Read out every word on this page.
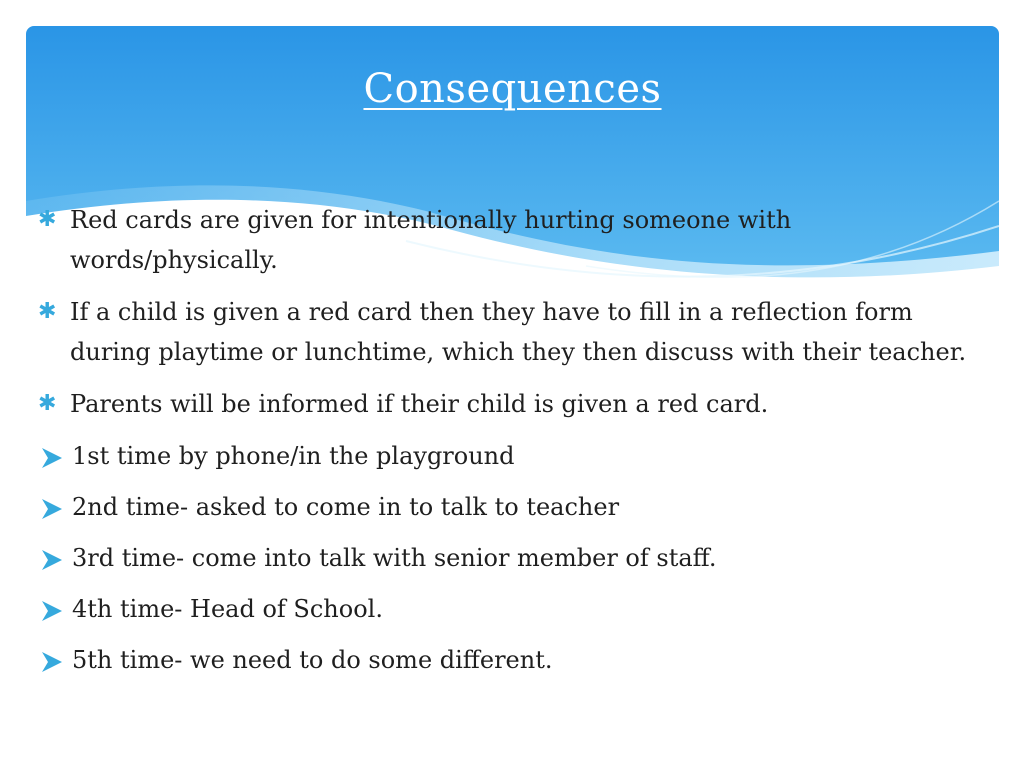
Consequences
✱ Red cards are given for intentionally hurting someone with words/physically.
✱ If a child is given a red card then they have to fill in a reflection form during playtime or lunchtime, which they then discuss with their teacher.
✱ Parents will be informed if their child is given a red card.
1st time by phone/in the playground
2nd time- asked to come in to talk to teacher
3rd time- come into talk with senior member of staff.
4th time- Head of School.
5th time- we need to do some different.
